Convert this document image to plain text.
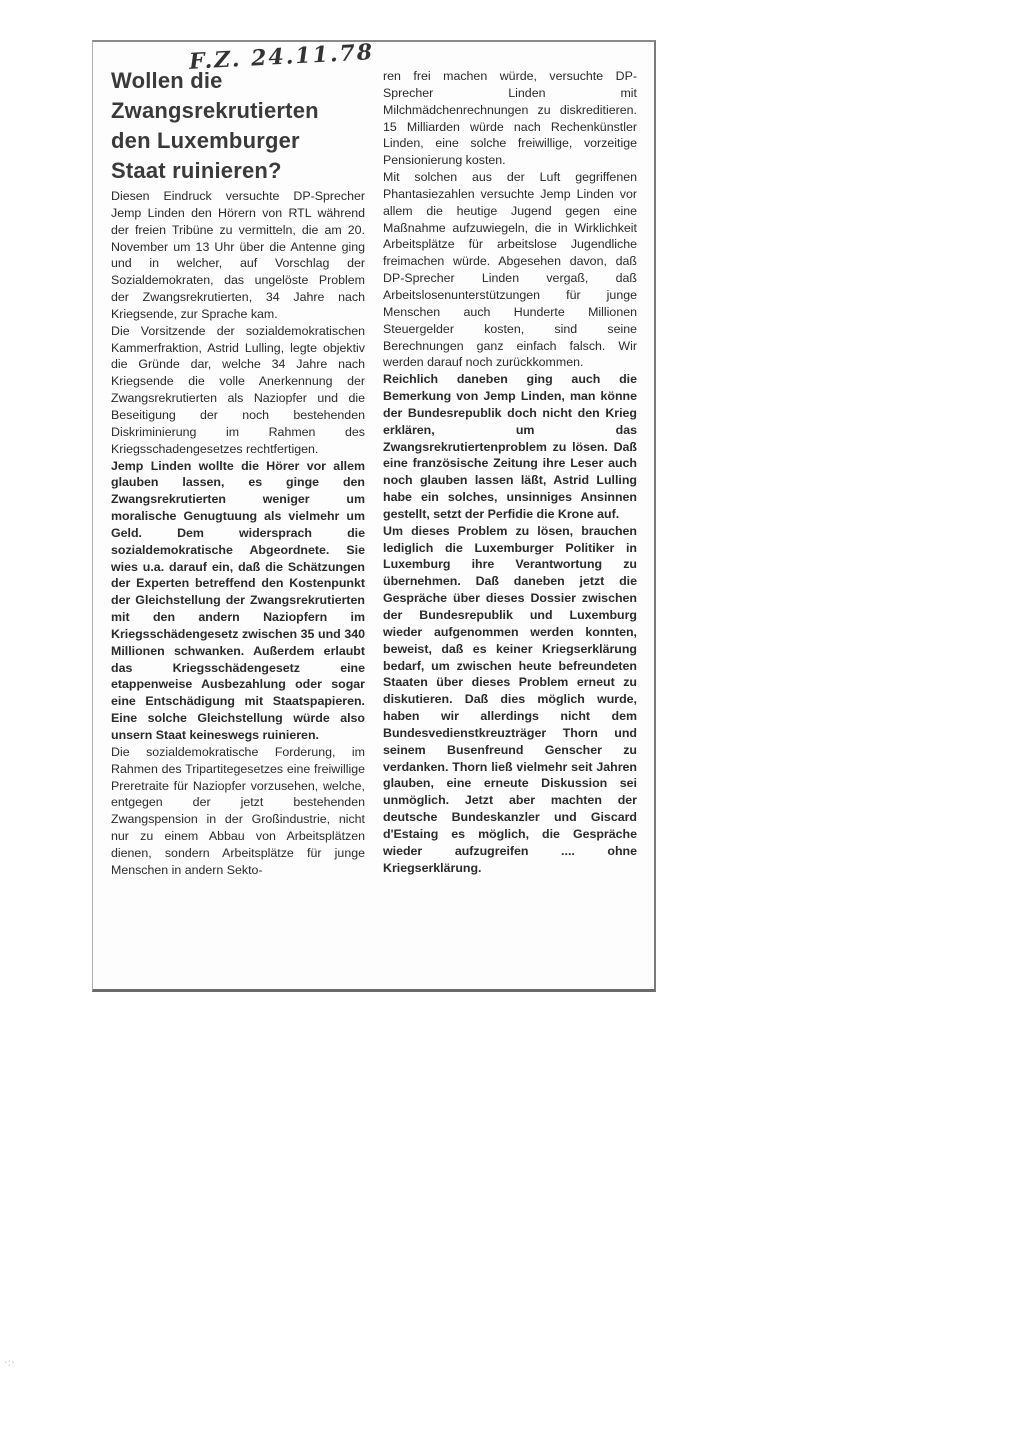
F.Z. 24.11.78
Wollen die
Zwangsrekrutierten
den Luxemburger
Staat ruinieren?

Diesen Eindruck versuchte DP-Sprecher Jemp Linden den Hörern von RTL während der freien Tribüne zu vermitteln, die am 20. November um 13 Uhr über die Antenne ging und in welcher, auf Vorschlag der Sozialdemokraten, das ungelöste Problem der Zwangsrekrutierten, 34 Jahre nach Kriegsende, zur Sprache kam.

Die Vorsitzende der sozialdemokratischen Kammerfraktion, Astrid Lulling, legte objektiv die Gründe dar, welche 34 Jahre nach Kriegsende die volle Anerkennung der Zwangsrekrutierten als Naziopfer und die Beseitigung der noch bestehenden Diskriminierung im Rahmen des Kriegsschadengesetzes rechtfertigen.

Jemp Linden wollte die Hörer vor allem glauben lassen, es ginge den Zwangsrekrutierten weniger um moralische Genugtuung als vielmehr um Geld. Dem widersprach die sozialdemokratische Abgeordnete. Sie wies u.a. darauf ein, daß die Schätzungen der Experten betreffend den Kostenpunkt der Gleichstellung der Zwangsrekrutierten mit den andern Naziopfern im Kriegsschädengesetz zwischen 35 und 340 Millionen schwanken. Außerdem erlaubt das Kriegsschädengesetz eine etappenweise Ausbezahlung oder sogar eine Entschädigung mit Staatspapieren. Eine solche Gleichstellung würde also unsern Staat keineswegs ruinieren.

Die sozialdemokratische Forderung, im Rahmen des Tripartitegesetzes eine freiwillige Preretraite für Naziopfer vorzusehen, welche, entgegen der jetzt bestehenden Zwangspension in der Großindustrie, nicht nur zu einem Abbau von Arbeitsplätzen dienen, sondern Arbeitsplätze für junge Menschen in andern Sekto-

ren frei machen würde, versuchte DP-Sprecher Linden mit Milchmädchenrechnungen zu diskreditieren. 15 Milliarden würde nach Rechenkünstler Linden, eine solche freiwillige, vorzeitige Pensionierung kosten.

Mit solchen aus der Luft gegriffenen Phantasiezahlen versuchte Jemp Linden vor allem die heutige Jugend gegen eine Maßnahme aufzuwiegeln, die in Wirklichkeit Arbeitsplätze für arbeitslose Jugendliche freimachen würde. Abgesehen davon, daß DP-Sprecher Linden vergaß, daß Arbeitslosenunterstützungen für junge Menschen auch Hunderte Millionen Steuergelder kosten, sind seine Berechnungen ganz einfach falsch. Wir werden darauf noch zurückkommen.

Reichlich daneben ging auch die Bemerkung von Jemp Linden, man könne der Bundesrepublik doch nicht den Krieg erklären, um das Zwangsrekrutiertenproblem zu lösen. Daß eine französische Zeitung ihre Leser auch noch glauben lassen läßt, Astrid Lulling habe ein solches, unsinniges Ansinnen gestellt, setzt der Perfidie die Krone auf.

Um dieses Problem zu lösen, brauchen lediglich die Luxemburger Politiker in Luxemburg ihre Verantwortung zu übernehmen. Daß daneben jetzt die Gespräche über dieses Dossier zwischen der Bundesrepublik und Luxemburg wieder aufgenommen werden konnten, beweist, daß es keiner Kriegserklärung bedarf, um zwischen heute befreundeten Staaten über dieses Problem erneut zu diskutieren. Daß dies möglich wurde, haben wir allerdings nicht dem Bundesvedienstkreuzträger Thorn und seinem Busenfreund Genscher zu verdanken. Thorn ließ vielmehr seit Jahren glauben, eine erneute Diskussion sei unmöglich. Jetzt aber machten der deutsche Bundeskanzler und Giscard d'Estaing es möglich, die Gespräche wieder aufzugreifen .... ohne Kriegserklärung.

·:·
